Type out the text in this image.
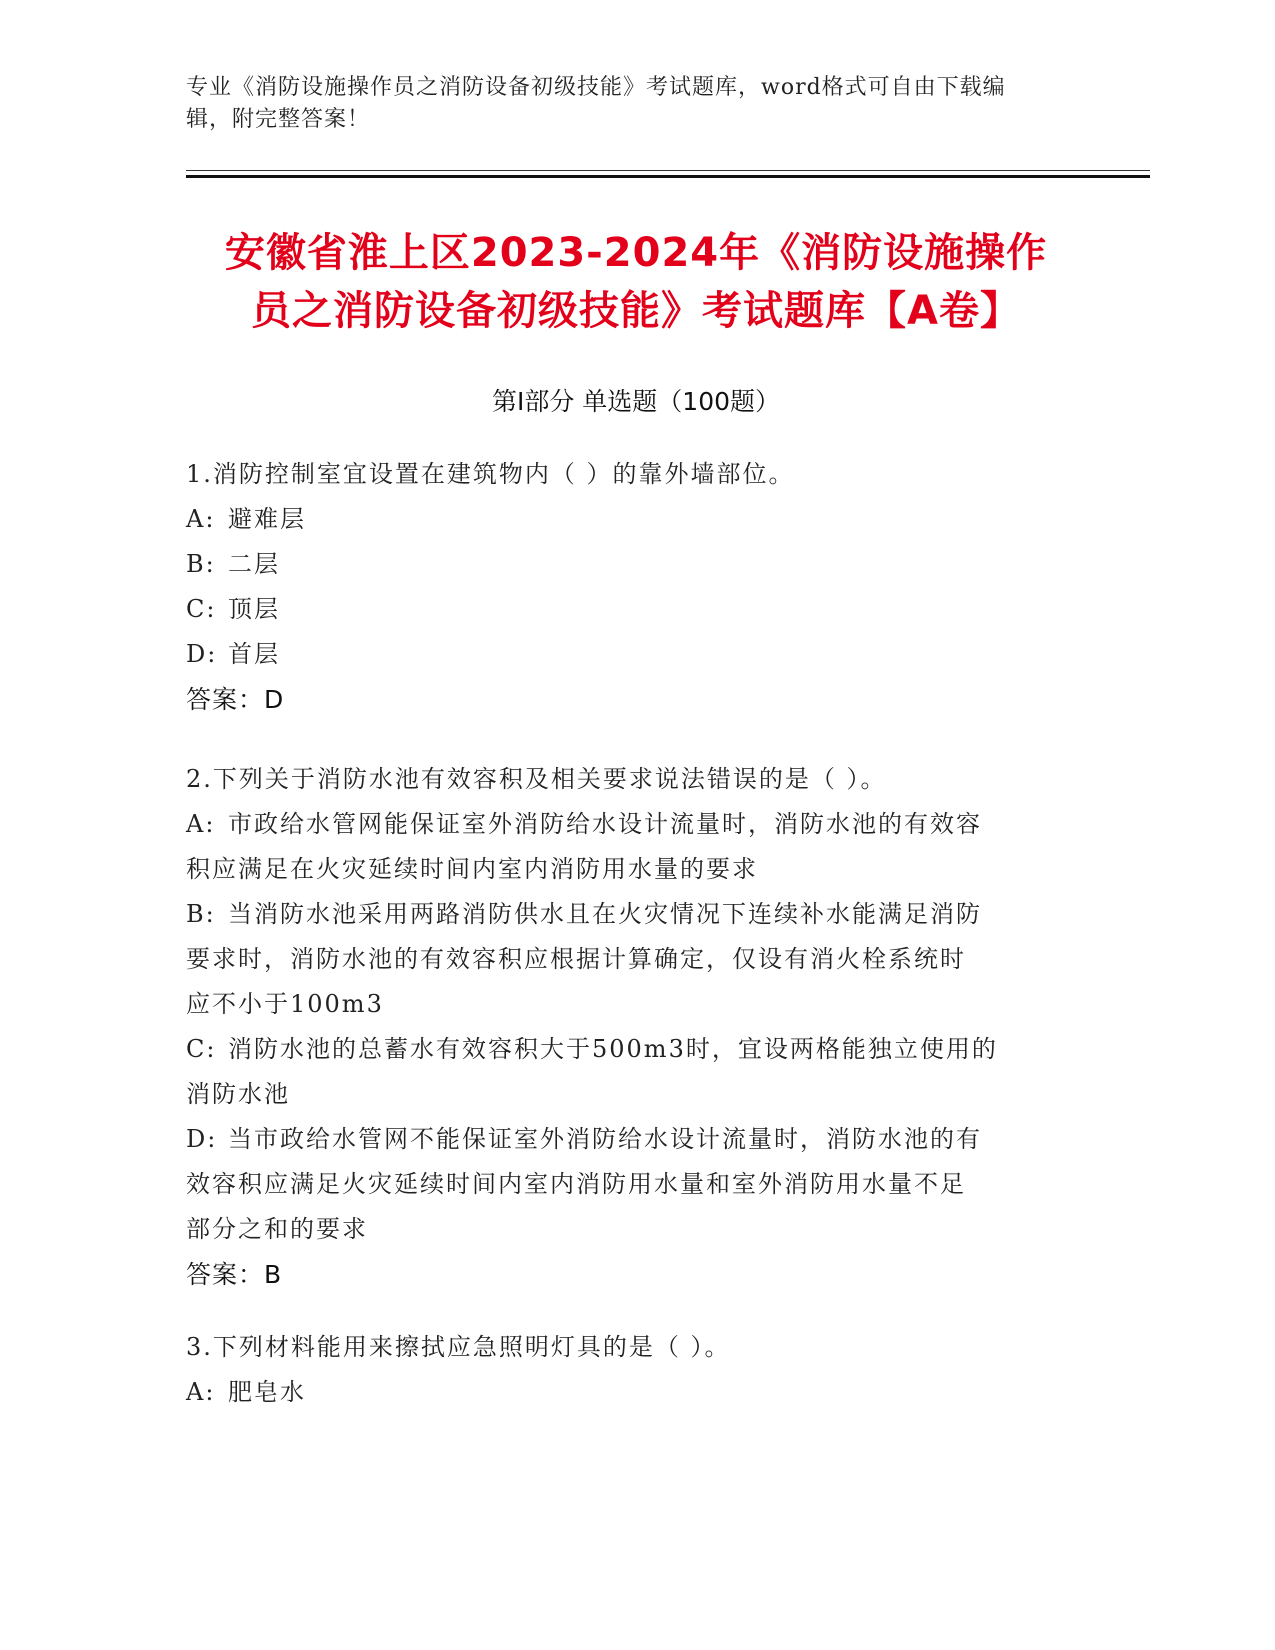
专业《消防设施操作员之消防设备初级技能》考试题库，word格式可自由下载编
辑，附完整答案！
安徽省淮上区2023-2024年《消防设施操作
员之消防设备初级技能》考试题库【A卷】
第Ⅰ部分 单选题（100题）
1.消防控制室宜设置在建筑物内（ ）的靠外墙部位。
A: 避难层
B: 二层
C: 顶层
D: 首层
答案：D
2.下列关于消防水池有效容积及相关要求说法错误的是（ ）。
A: 市政给水管网能保证室外消防给水设计流量时，消防水池的有效容
积应满足在火灾延续时间内室内消防用水量的要求
B: 当消防水池采用两路消防供水且在火灾情况下连续补水能满足消防
要求时，消防水池的有效容积应根据计算确定，仅设有消火栓系统时
应不小于100m3
C: 消防水池的总蓄水有效容积大于500m3时，宜设两格能独立使用的
消防水池
D: 当市政给水管网不能保证室外消防给水设计流量时，消防水池的有
效容积应满足火灾延续时间内室内消防用水量和室外消防用水量不足
部分之和的要求
答案：B
3.下列材料能用来擦拭应急照明灯具的是（ ）。
A: 肥皂水
